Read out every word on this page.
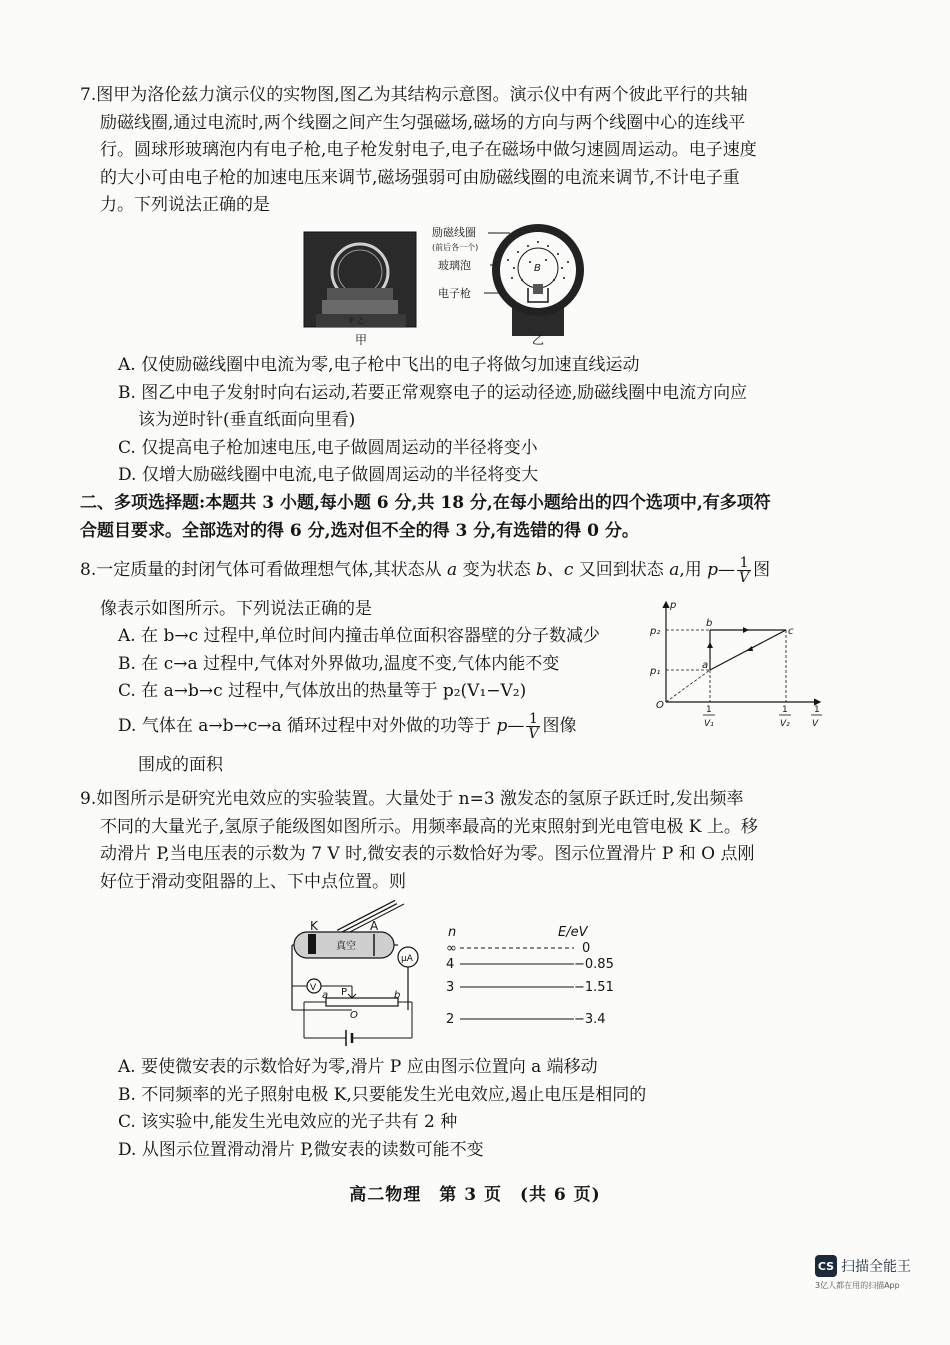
7.图甲为洛伦兹力演示仪的实物图,图乙为其结构示意图。演示仪中有两个彼此平行的共轴
励磁线圈,通过电流时,两个线圈之间产生匀强磁场,磁场的方向与两个线圈中心的连线平
行。圆球形玻璃泡内有电子枪,电子枪发射电子,电子在磁场中做匀速圆周运动。电子速度
的大小可由电子枪的加速电压来调节,磁场强弱可由励磁线圈的电流来调节,不计电子重
力。下列说法正确的是
甲 乙
甲
励磁线圈
(前后各一个)
玻璃泡
电子枪
B
乙
A. 仅使励磁线圈中电流为零,电子枪中飞出的电子将做匀加速直线运动
B. 图乙中电子发射时向右运动,若要正常观察电子的运动径迹,励磁线圈中电流方向应
该为逆时针(垂直纸面向里看)
C. 仅提高电子枪加速电压,电子做圆周运动的半径将变小
D. 仅增大励磁线圈中电流,电子做圆周运动的半径将变大
二、多项选择题:本题共 3 小题,每小题 6 分,共 18 分,在每小题给出的四个选项中,有多项符
合题目要求。全部选对的得 6 分,选对但不全的得 3 分,有选错的得 0 分。
8.一定质量的封闭气体可看做理想气体,其状态从 a 变为状态 b、c 又回到状态 a,用 p— $\frac{1}{V}$ 图
像表示如图所示。下列说法正确的是
A. 在 b→c 过程中,单位时间内撞击单位面积容器壁的分子数减少
B. 在 c→a 过程中,气体对外界做功,温度不变,气体内能不变
C. 在 a→b→c 过程中,气体放出的热量等于 p₂(V₁−V₂)
D. 气体在 a→b→c→a 循环过程中对外做的功等于 p— $\frac{1}{V}$ 图像
围成的面积
p
p₂
p₁
O
b
c
a
1
V₁
1
V₂
1
V
9.如图所示是研究光电效应的实验装置。大量处于 n=3 激发态的氢原子跃迁时,发出频率
不同的大量光子,氢原子能级图如图所示。用频率最高的光束照射到光电管电极 K 上。移
动滑片 P,当电压表的示数为 7 V 时,微安表的示数恰好为零。图示位置滑片 P 和 O 点刚
好位于滑动变阻器的上、下中点位置。则
K	A
真空
μA
V
a P	b
O
n	E/eV
∞	0
4	−0.85
3	−1.51
2	−3.4
A. 要使微安表的示数恰好为零,滑片 P 应由图示位置向 a 端移动
B. 不同频率的光子照射电极 K,只要能发生光电效应,遏止电压是相同的
C. 该实验中,能发生光电效应的光子共有 2 种
D. 从图示位置滑动滑片 P,微安表的读数可能不变
高二物理　第 3 页　(共 6 页)
CS 扫描全能王
3亿人都在用的扫描App
